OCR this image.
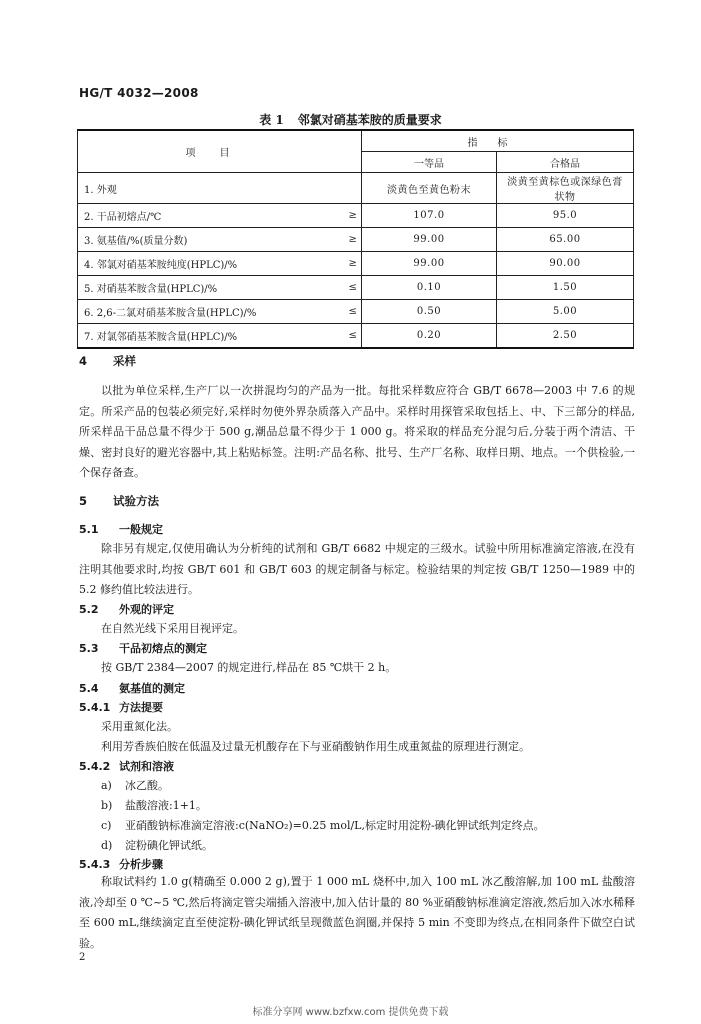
HG/T 4032—2008
表 1 邻氯对硝基苯胺的质量要求
项目		指标	
		一等品	合格品
1. 外观		淡黄色至黄色粉末	淡黄至黄棕色或深绿色膏状物
2. 干品初熔点/℃	≥	107.0	95.0
3. 氨基值/%(质量分数)	≥	99.00	65.00
4. 邻氯对硝基苯胺纯度(HPLC)/%	≥	99.00	90.00
5. 对硝基苯胺含量(HPLC)/%	≤	0.10	1.50
6. 2,6-二氯对硝基苯胺含量(HPLC)/%	≤	0.50	5.00
7. 对氯邻硝基苯胺含量(HPLC)/%	≤	0.20	2.50
4 采样

以批为单位采样,生产厂以一次拼混均匀的产品为一批。每批采样数应符合 GB/T 6678—2003 中 7.6 的规定。所采产品的包装必须完好,采样时勿使外界杂质落入产品中。采样时用探管采取包括上、中、下三部分的样品,所采样品干品总量不得少于 500 g,潮品总量不得少于 1 000 g。将采取的样品充分混匀后,分装于两个清洁、干燥、密封良好的避光容器中,其上粘贴标签。注明:产品名称、批号、生产厂名称、取样日期、地点。一个供检验,一个保存备查。

5 试验方法
5.1 一般规定

除非另有规定,仅使用确认为分析纯的试剂和 GB/T 6682 中规定的三级水。试验中所用标准滴定溶液,在没有注明其他要求时,均按 GB/T 601 和 GB/T 603 的规定制备与标定。检验结果的判定按 GB/T 1250—1989 中的 5.2 修约值比较法进行。

5.2 外观的评定

在自然光线下采用目视评定。

5.3 干品初熔点的测定

按 GB/T 2384—2007 的规定进行,样品在 85 ℃烘干 2 h。

5.4 氨基值的测定
5.4.1 方法提要

采用重氮化法。

利用芳香族伯胺在低温及过量无机酸存在下与亚硝酸钠作用生成重氮盐的原理进行测定。

5.4.2 试剂和溶液

a) 冰乙酸。

b) 盐酸溶液:1+1。

c) 亚硝酸钠标准滴定溶液:c(NaNO₂)=0.25 mol/L,标定时用淀粉-碘化钾试纸判定终点。

d) 淀粉碘化钾试纸。

5.4.3 分析步骤

称取试料约 1.0 g(精确至 0.000 2 g),置于 1 000 mL 烧杯中,加入 100 mL 冰乙酸溶解,加 100 mL 盐酸溶液,冷却至 0 ℃~5 ℃,然后将滴定管尖端插入溶液中,加入估计量的 80 %亚硝酸钠标准滴定溶液,然后加入冰水稀释至 600 mL,继续滴定直至使淀粉-碘化钾试纸呈现微蓝色润圈,并保持 5 min 不变即为终点,在相同条件下做空白试验。

2
标准分享网 www.bzfxw.com 提供免费下载
